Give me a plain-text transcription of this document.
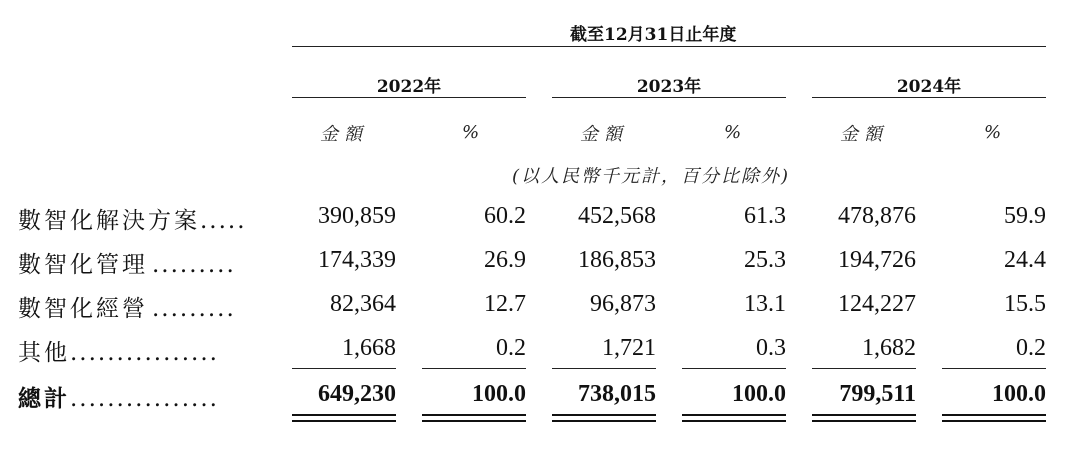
截至12月31日止年度
2022年	2023年	2024年
金額	%	金額	%	金額	%
(以人民幣千元計，百分比除外)
數智化解決方案.....	390,859	60.2	452,568	61.3	478,876	59.9
數智化管理 .........	174,339	26.9	186,853	25.3	194,726	24.4
數智化經營 .........	82,364	12.7	96,873	13.1	124,227	15.5
其他................	1,668	0.2	1,721	0.3	1,682	0.2
總計................	649,230	100.0	738,015	100.0	799,511	100.0
